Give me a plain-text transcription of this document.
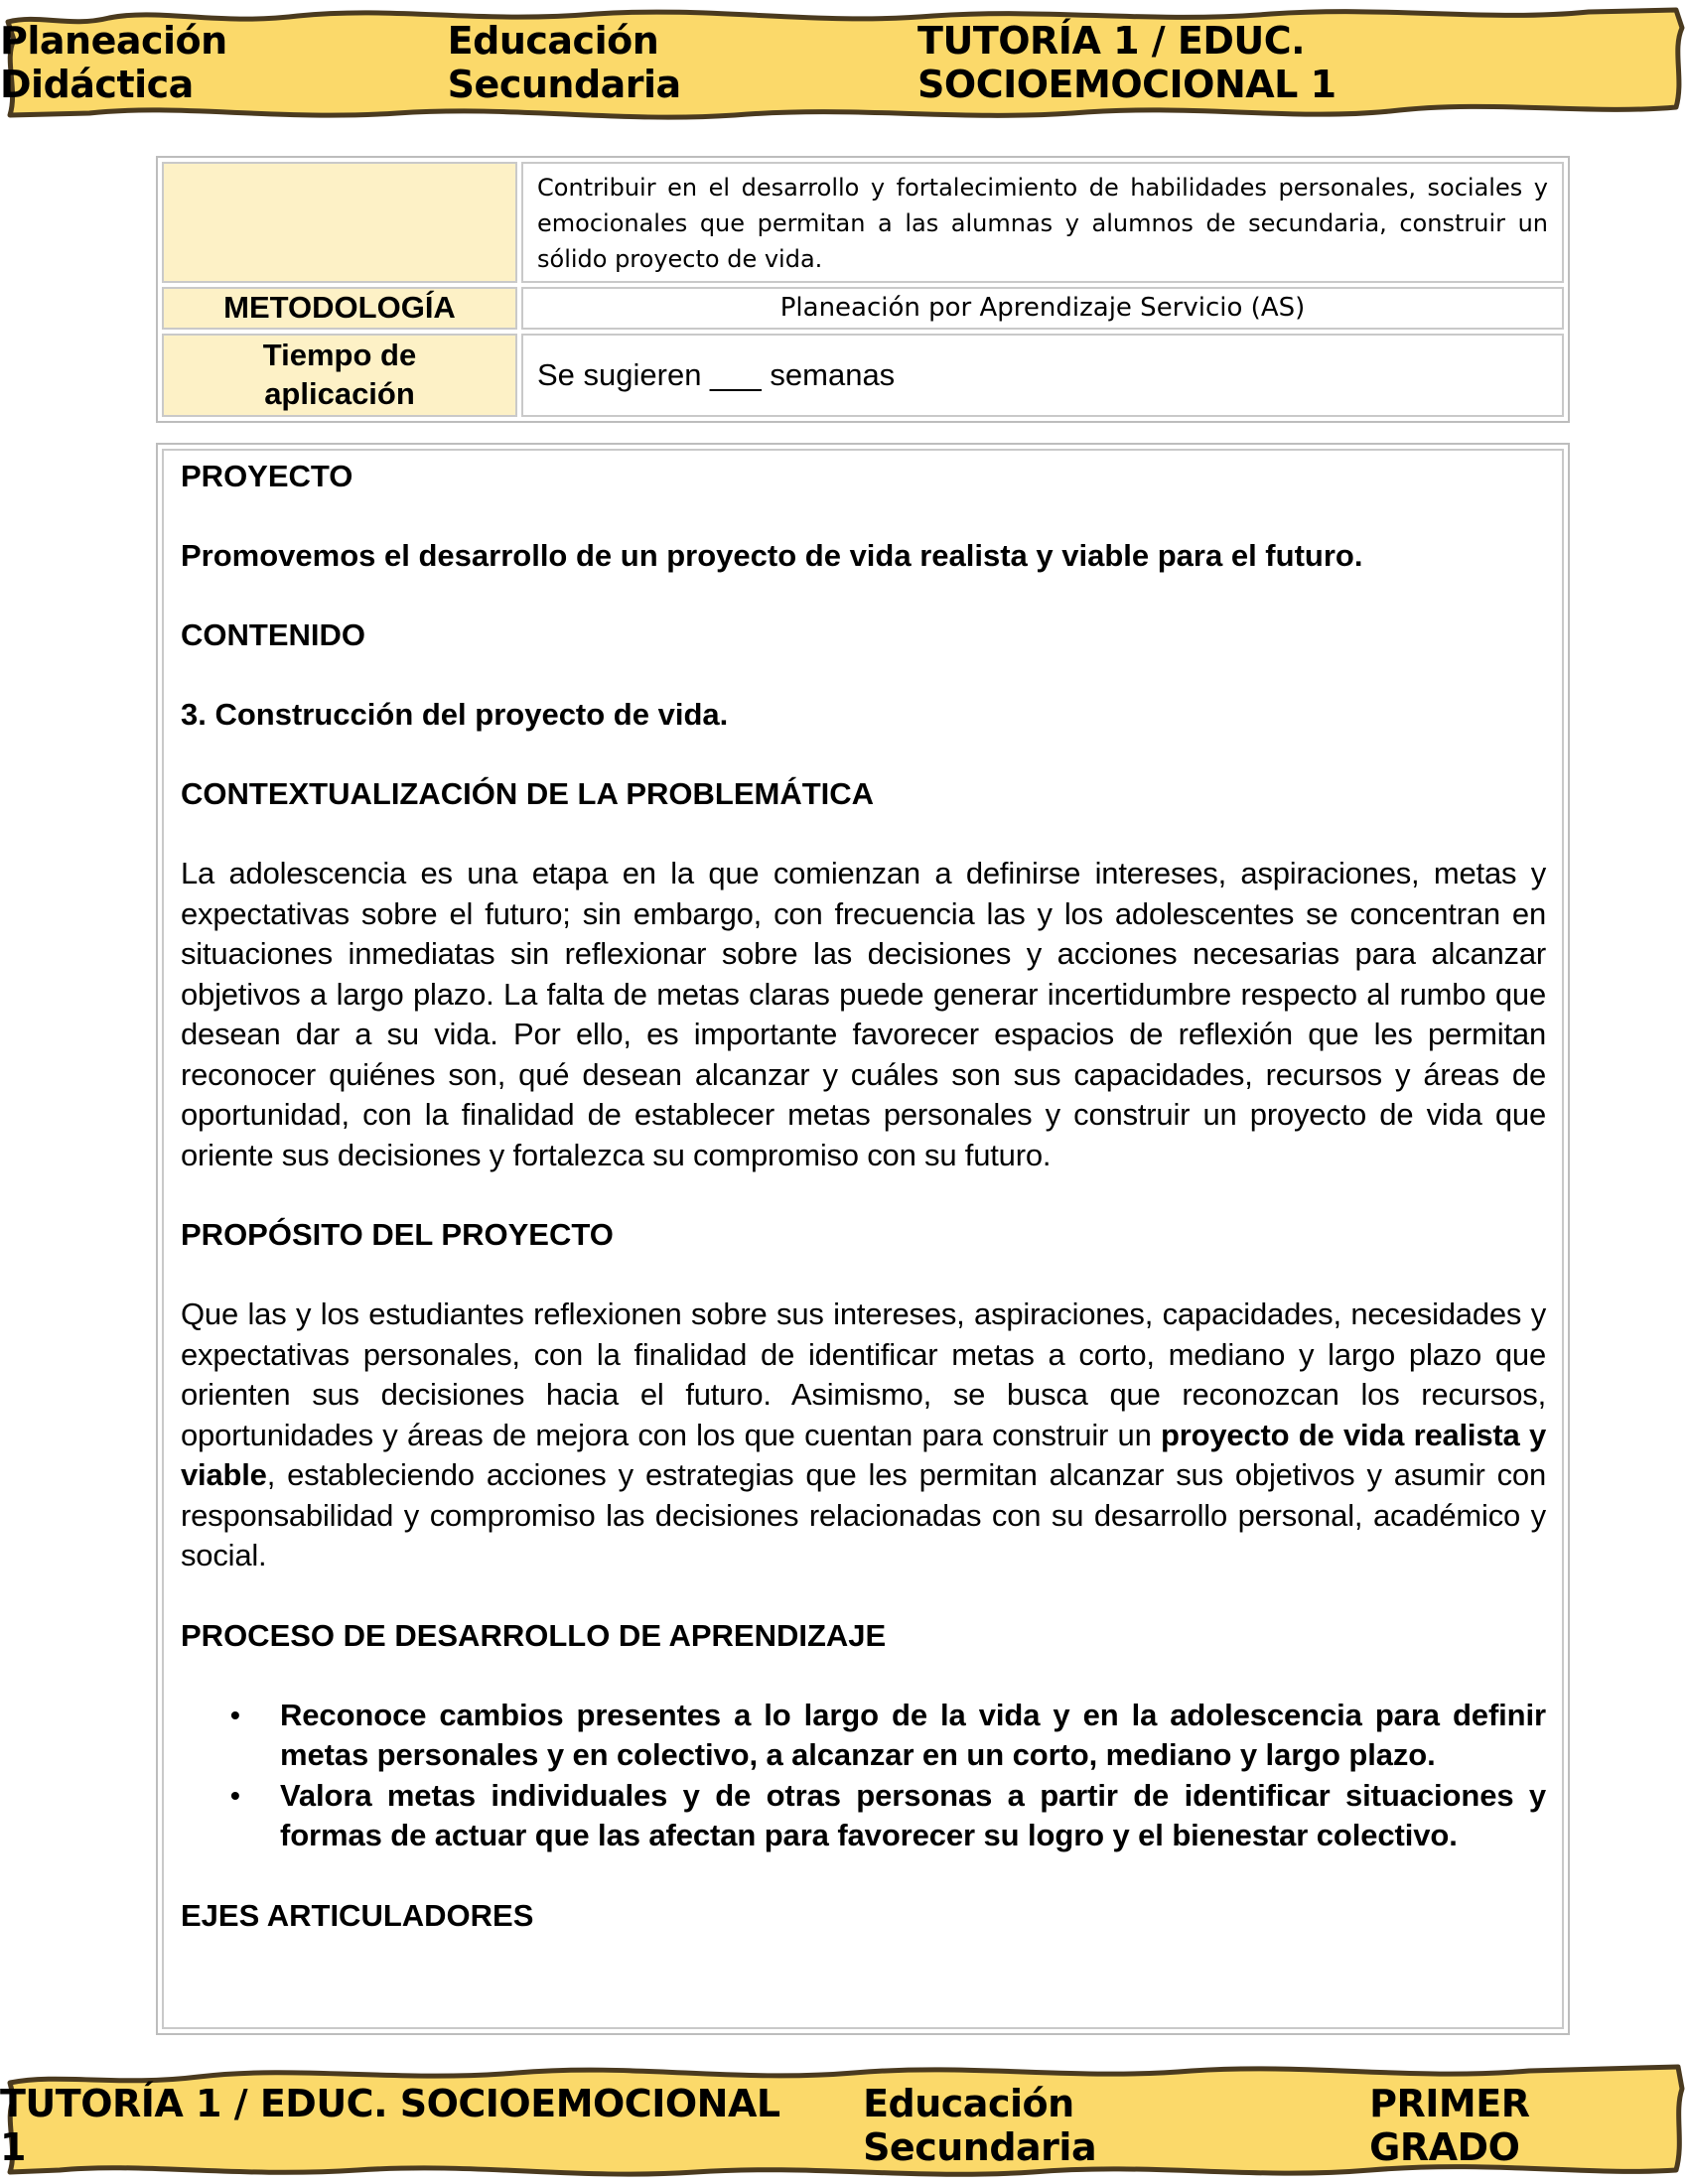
Planeación Didáctica
Educación Secundaria
TUTORÍA 1 / EDUC. SOCIOEMOCIONAL 1
	Contribuir en el desarrollo y fortalecimiento de habilidades personales, sociales y emocionales que permitan a las alumnas y alumnos de secundaria, construir un sólido proyecto de vida.
METODOLOGÍA	Planeación por Aprendizaje Servicio (AS)

Tiempo de
aplicación	Se sugieren ___ semanas

PROYECTO

Promovemos el desarrollo de un proyecto de vida realista y viable para el futuro.

CONTENIDO

3. Construcción del proyecto de vida.

CONTEXTUALIZACIÓN DE LA PROBLEMÁTICA

La adolescencia es una etapa en la que comienzan a definirse intereses, aspiraciones, metas y expectativas sobre el futuro; sin embargo, con frecuencia las y los adolescentes se concentran en situaciones inmediatas sin reflexionar sobre las decisiones y acciones necesarias para alcanzar objetivos a largo plazo. La falta de metas claras puede generar incertidumbre respecto al rumbo que desean dar a su vida. Por ello, es importante favorecer espacios de reflexión que les permitan reconocer quiénes son, qué desean alcanzar y cuáles son sus capacidades, recursos y áreas de oportunidad, con la finalidad de establecer metas personales y construir un proyecto de vida que oriente sus decisiones y fortalezca su compromiso con su futuro.

PROPÓSITO DEL PROYECTO

Que las y los estudiantes reflexionen sobre sus intereses, aspiraciones, capacidades, necesidades y expectativas personales, con la finalidad de identificar metas a corto, mediano y largo plazo que orienten sus decisiones hacia el futuro. Asimismo, se busca que reconozcan los recursos, oportunidades y áreas de mejora con los que cuentan para construir un proyecto de vida realista y viable, estableciendo acciones y estrategias que les permitan alcanzar sus objetivos y asumir con responsabilidad y compromiso las decisiones relacionadas con su desarrollo personal, académico y social.

PROCESO DE DESARROLLO DE APRENDIZAJE

• Reconoce cambios presentes a lo largo de la vida y en la adolescencia para definir metas personales y en colectivo, a alcanzar en un corto, mediano y largo plazo.
• Valora metas individuales y de otras personas a partir de identificar situaciones y formas de actuar que las afectan para favorecer su logro y el bienestar colectivo.

EJES ARTICULADORES

TUTORÍA 1 / EDUC. SOCIOEMOCIONAL 1
Educación Secundaria
PRIMER GRADO
